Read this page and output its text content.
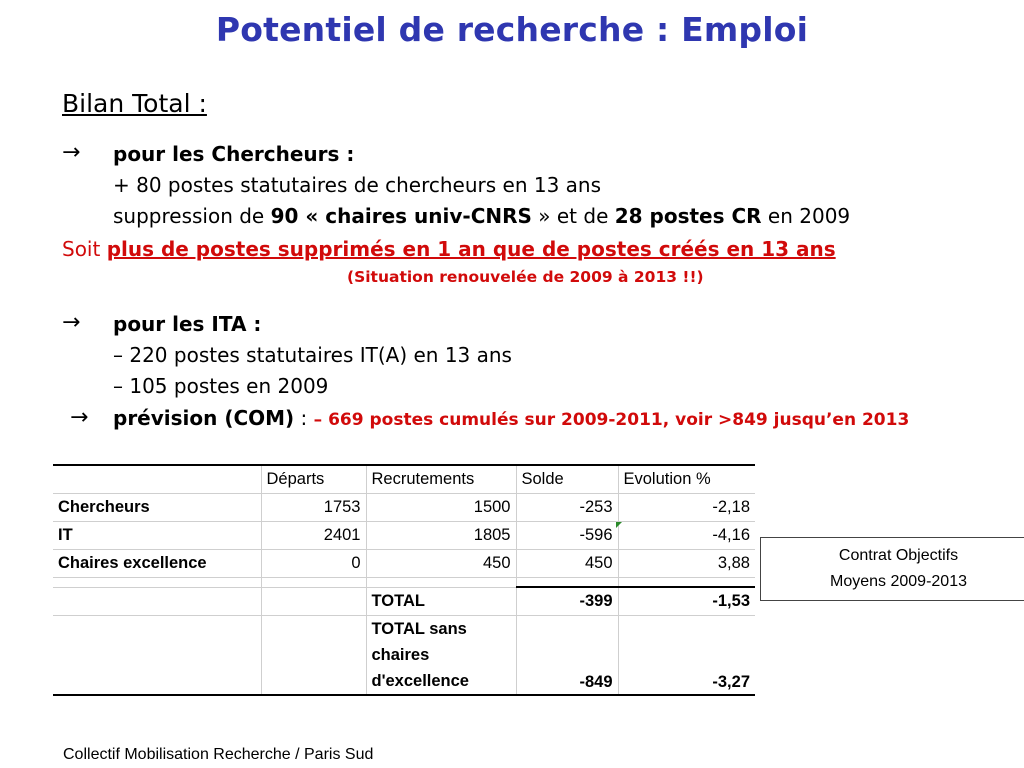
Potentiel de recherche : Emploi
Bilan Total :
→ pour les Chercheurs :
+ 80 postes statutaires de chercheurs en 13 ans
suppression de 90 « chaires univ-CNRS » et de 28 postes CR en 2009
Soit plus de postes supprimés en 1 an que de postes créés en 13 ans
(Situation renouvelée de 2009 à 2013 !!)
→ pour les ITA :
– 220 postes statutaires IT(A) en 13 ans
– 105 postes en 2009
→ prévision (COM) : – 669 postes cumulés sur 2009-2011, voir >849 jusqu’en 2013
	Départs	Recrutements	Solde	Evolution %
Chercheurs	1753	1500	-253	-2,18
IT	2401	1805	-596	-4,16
Chaires excellence	0	450	450	3,88

		TOTAL	-399	-1,53

		TOTAL sans
chaires
d'excellence	-849	-3,27
Contrat Objectifs
Moyens 2009-2013
Collectif Mobilisation Recherche / Paris Sud
